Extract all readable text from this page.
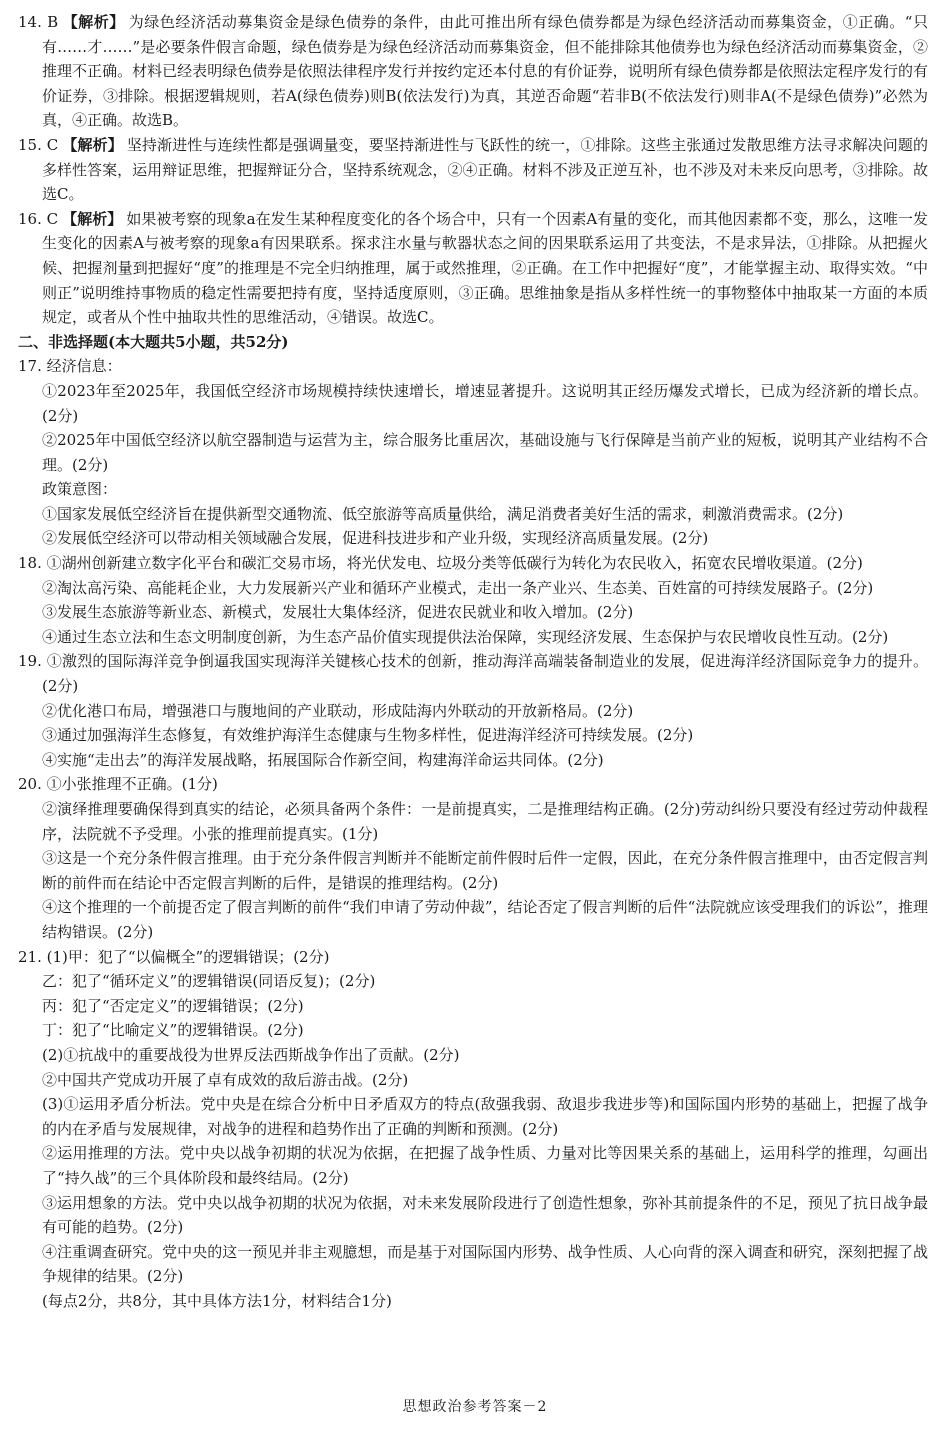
14. B 【解析】 为绿色经济活动募集资金是绿色债券的条件，由此可推出所有绿色债券都是为绿色经济活动而募集资金，①正确。“只有……才……”是必要条件假言命题，绿色债券是为绿色经济活动而募集资金，但不能排除其他债券也为绿色经济活动而募集资金，②推理不正确。材料已经表明绿色债券是依照法律程序发行并按约定还本付息的有价证券，说明所有绿色债券都是依照法定程序发行的有价证券，③排除。根据逻辑规则，若A(绿色债券)则B(依法发行)为真，其逆否命题“若非B(不依法发行)则非A(不是绿色债券)”必然为真，④正确。故选B。

15. C 【解析】 坚持渐进性与连续性都是强调量变，要坚持渐进性与飞跃性的统一，①排除。这些主张通过发散思维方法寻求解决问题的多样性答案，运用辩证思维，把握辩证分合，坚持系统观念，②④正确。材料不涉及正逆互补，也不涉及对未来反向思考，③排除。故选C。

16. C 【解析】 如果被考察的现象a在发生某种程度变化的各个场合中，只有一个因素A有量的变化，而其他因素都不变，那么，这唯一发生变化的因素A与被考察的现象a有因果联系。探求注水量与軟器状态之间的因果联系运用了共变法，不是求异法，①排除。从把握火候、把握剂量到把握好“度”的推理是不完全归纳推理，属于或然推理，②正确。在工作中把握好“度”，才能掌握主动、取得实效。“中则正”说明维持事物质的稳定性需要把持有度，坚持适度原则，③正确。思维抽象是指从多样性统一的事物整体中抽取某一方面的本质规定，或者从个性中抽取共性的思维活动，④错误。故选C。

二、非选择题(本大题共5小题，共52分)

17. 经济信息：

①2023年至2025年，我国低空经济市场规模持续快速增长，增速显著提升。这说明其正经历爆发式增长，已成为经济新的增长点。(2分)

②2025年中国低空经济以航空器制造与运营为主，综合服务比重居次，基础设施与飞行保障是当前产业的短板，说明其产业结构不合理。(2分)

政策意图：

①国家发展低空经济旨在提供新型交通物流、低空旅游等高质量供给，满足消费者美好生活的需求，刺激消费需求。(2分)

②发展低空经济可以带动相关领域融合发展，促进科技进步和产业升级，实现经济高质量发展。(2分)

18. ①湖州创新建立数字化平台和碳汇交易市场，将光伏发电、垃圾分类等低碳行为转化为农民收入，拓宽农民增收渠道。(2分)

②淘汰高污染、高能耗企业，大力发展新兴产业和循环产业模式，走出一条产业兴、生态美、百姓富的可持续发展路子。(2分)

③发展生态旅游等新业态、新模式，发展壮大集体经济，促进农民就业和收入增加。(2分)

④通过生态立法和生态文明制度创新，为生态产品价值实现提供法治保障，实现经济发展、生态保护与农民增收良性互动。(2分)

19. ①激烈的国际海洋竞争倒逼我国实现海洋关键核心技术的创新，推动海洋高端装备制造业的发展，促进海洋经济国际竞争力的提升。(2分)

②优化港口布局，增强港口与腹地间的产业联动，形成陆海内外联动的开放新格局。(2分)

③通过加强海洋生态修复，有效维护海洋生态健康与生物多样性，促进海洋经济可持续发展。(2分)

④实施“走出去”的海洋发展战略，拓展国际合作新空间，构建海洋命运共同体。(2分)

20. ①小张推理不正确。(1分)

②演绎推理要确保得到真实的结论，必须具备两个条件：一是前提真实，二是推理结构正确。(2分)劳动纠纷只要没有经过劳动仲裁程序，法院就不予受理。小张的推理前提真实。(1分)

③这是一个充分条件假言推理。由于充分条件假言判断并不能断定前件假时后件一定假，因此，在充分条件假言推理中，由否定假言判断的前件而在结论中否定假言判断的后件，是错误的推理结构。(2分)

④这个推理的一个前提否定了假言判断的前件“我们申请了劳动仲裁”，结论否定了假言判断的后件“法院就应该受理我们的诉讼”，推理结构错误。(2分)

21. (1)甲：犯了“以偏概全”的逻辑错误；(2分)

乙：犯了“循环定义”的逻辑错误(同语反复)；(2分)

丙：犯了“否定定义”的逻辑错误；(2分)

丁：犯了“比喻定义”的逻辑错误。(2分)

(2)①抗战中的重要战役为世界反法西斯战争作出了贡献。(2分)

②中国共产党成功开展了卓有成效的敌后游击战。(2分)

(3)①运用矛盾分析法。党中央是在综合分析中日矛盾双方的特点(敌强我弱、敌退步我进步等)和国际国内形势的基础上，把握了战争的内在矛盾与发展规律，对战争的进程和趋势作出了正确的判断和预测。(2分)

②运用推理的方法。党中央以战争初期的状况为依据，在把握了战争性质、力量对比等因果关系的基础上，运用科学的推理，勾画出了“持久战”的三个具体阶段和最终结局。(2分)

③运用想象的方法。党中央以战争初期的状况为依据，对未来发展阶段进行了创造性想象，弥补其前提条件的不足，预见了抗日战争最有可能的趋势。(2分)

④注重调查研究。党中央的这一预见并非主观臆想，而是基于对国际国内形势、战争性质、人心向背的深入调查和研究，深刻把握了战争规律的结果。(2分)

(每点2分，共8分，其中具体方法1分，材料结合1分)

思想政治参考答案－2
